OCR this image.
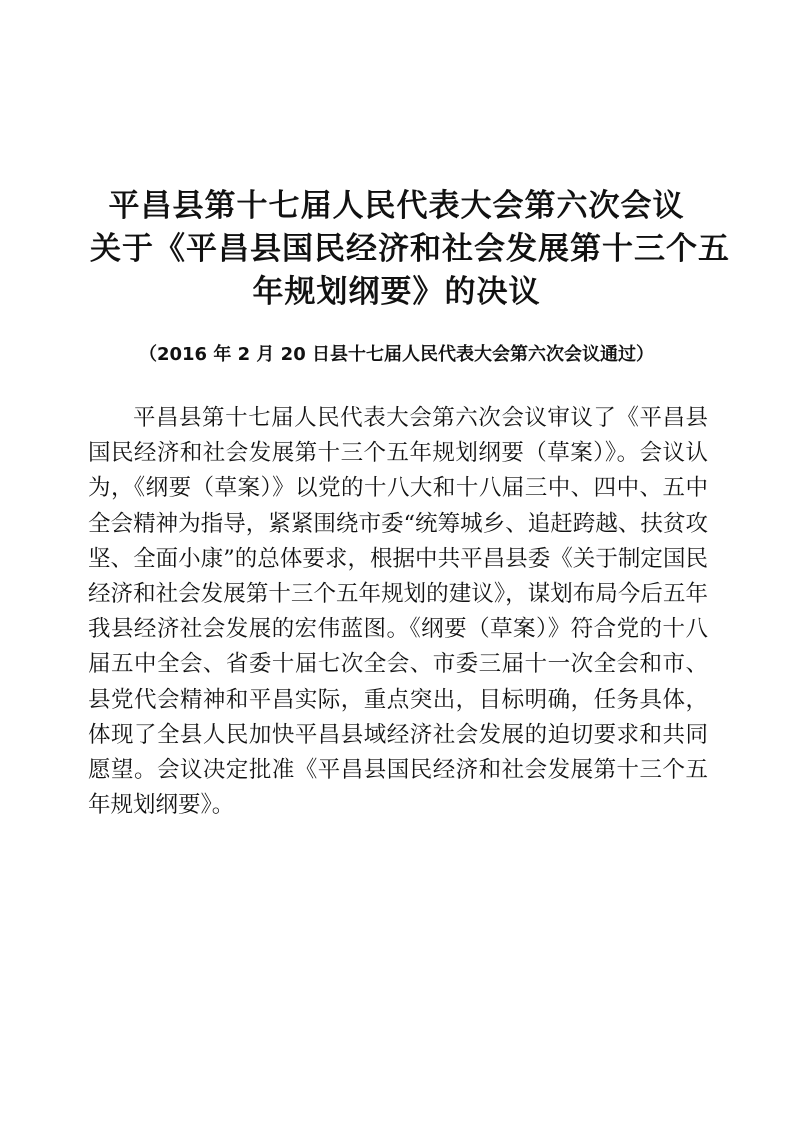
平昌县第十七届人民代表大会第六次会议
关于《平昌县国民经济和社会发展第十三个五
年规划纲要》的决议
（2016 年 2 月 20 日县十七届人民代表大会第六次会议通过）

平昌县第十七届人民代表大会第六次会议审议了《平昌县国民经济和社会发展第十三个五年规划纲要（草案）》。会议认为，《纲要（草案）》以党的十八大和十八届三中、四中、五中全会精神为指导，紧紧围绕市委“统筹城乡、追赶跨越、扶贫攻坚、全面小康”的总体要求，根据中共平昌县委《关于制定国民经济和社会发展第十三个五年规划的建议》，谋划布局今后五年我县经济社会发展的宏伟蓝图。《纲要（草案）》符合党的十八届五中全会、省委十届七次全会、市委三届十一次全会和市、县党代会精神和平昌实际，重点突出，目标明确，任务具体，体现了全县人民加快平昌县域经济社会发展的迫切要求和共同愿望。会议决定批准《平昌县国民经济和社会发展第十三个五年规划纲要》。
